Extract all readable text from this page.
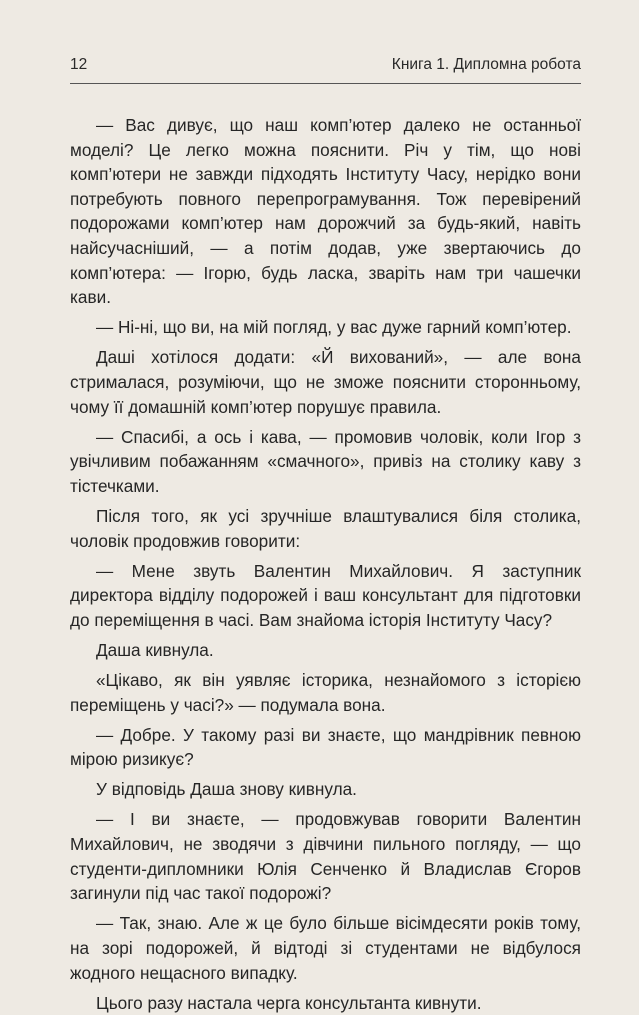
12	Книга 1. Дипломна робота

— Вас дивує, що наш комп’ютер далеко не останньої моделі? Це легко можна пояснити. Річ у тім, що нові комп’ютери не завжди підходять Інституту Часу, нерідко вони потребують повного перепрограмування. Тож перевірений подорожами комп’ютер нам дорожчий за будь-який, навіть найсучасніший, — а потім додав, уже звертаючись до комп’ютера: — Ігорю, будь ласка, зваріть нам три чашечки кави.

— Ні-ні, що ви, на мій погляд, у вас дуже гарний комп’ютер.

Даші хотілося додати: «Й вихований», — але вона стрималася, розуміючи, що не зможе пояснити сторонньому, чому її домашній комп’ютер порушує правила.

— Спасибі, а ось і кава, — промовив чоловік, коли Ігор з увічливим побажанням «смачного», привіз на столику каву з тістечками.

Після того, як усі зручніше влаштувалися біля столика, чоловік продовжив говорити:

— Мене звуть Валентин Михайлович. Я заступник директора відділу подорожей і ваш консультант для підготовки до переміщення в часі. Вам знайома історія Інституту Часу?

Даша кивнула.

«Цікаво, як він уявляє історика, незнайомого з історією переміщень у часі?» — подумала вона.

— Добре. У такому разі ви знаєте, що мандрівник певною мірою ризикує?

У відповідь Даша знову кивнула.

— І ви знаєте, — продовжував говорити Валентин Михайлович, не зводячи з дівчини пильного погляду, — що студенти-дипломники Юлія Сенченко й Владислав Єгоров загинули під час такої подорожі?

— Так, знаю. Але ж це було більше вісімдесяти років тому, на зорі подорожей, й відтоді зі студентами не відбулося жодного нещасного випадку.

Цього разу настала черга консультанта кивнути.
